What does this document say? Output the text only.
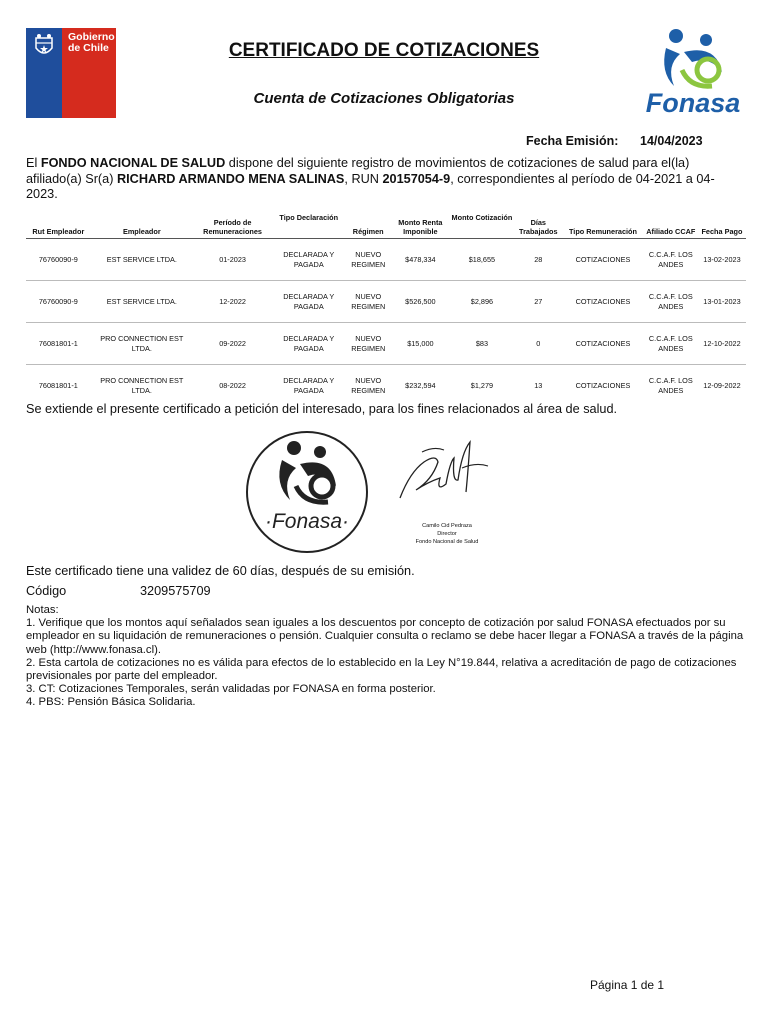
Gobierno
de Chile	CERTIFICADO DE COTIZACIONES
Cuenta de Cotizaciones Obligatorias	Fonasa
Fecha Emisión: 14/04/2023
El FONDO NACIONAL DE SALUD dispone del siguiente registro de movimientos de cotizaciones de salud para el(la) afiliado(a) Sr(a) RICHARD ARMANDO MENA SALINAS, RUN 20157054-9, correspondientes al período de 04-2021 a 04-2023.
Rut Empleador	Empleador	Período de Remuneraciones	Tipo Declaración	Régimen	Monto Renta Imponible	Monto Cotización	Días Trabajados	Tipo Remuneración	Afiliado CCAF	Fecha Pago
76760090-9	EST SERVICE LTDA.	01-2023	DECLARADA Y PAGADA	NUEVO REGIMEN	$478,334	$18,655	28	COTIZACIONES	C.C.A.F. LOS ANDES	13-02-2023
76760090-9	EST SERVICE LTDA.	12-2022	DECLARADA Y PAGADA	NUEVO REGIMEN	$526,500	$2,896	27	COTIZACIONES	C.C.A.F. LOS ANDES	13-01-2023
76081801-1	PRO CONNECTION EST LTDA.	09-2022	DECLARADA Y PAGADA	NUEVO REGIMEN	$15,000	$83	0	COTIZACIONES	C.C.A.F. LOS ANDES	12-10-2022
76081801-1	PRO CONNECTION EST LTDA.	08-2022	DECLARADA Y PAGADA	NUEVO REGIMEN	$232,594	$1,279	13	COTIZACIONES	C.C.A.F. LOS ANDES	12-09-2022
Se extiende el presente certificado a petición del interesado, para los fines relacionados al área de salud.
·Fonasa·	Camilo Cid Pedraza
Director
Fondo Nacional de Salud
Este certificado tiene una validez de 60 días, después de su emisión.
Código	3209575709

Notas:

1. Verifique que los montos aquí señalados sean iguales a los descuentos por concepto de cotización por salud FONASA efectuados por su empleador en su liquidación de remuneraciones o pensión. Cualquier consulta o reclamo se debe hacer llegar a FONASA a través de la página web (http://www.fonasa.cl).

2. Esta cartola de cotizaciones no es válida para efectos de lo establecido en la Ley N°19.844, relativa a acreditación de pago de cotizaciones previsionales por parte del empleador.

3. CT: Cotizaciones Temporales, serán validadas por FONASA en forma posterior.

4. PBS: Pensión Básica Solidaria.

Página 1 de 1
